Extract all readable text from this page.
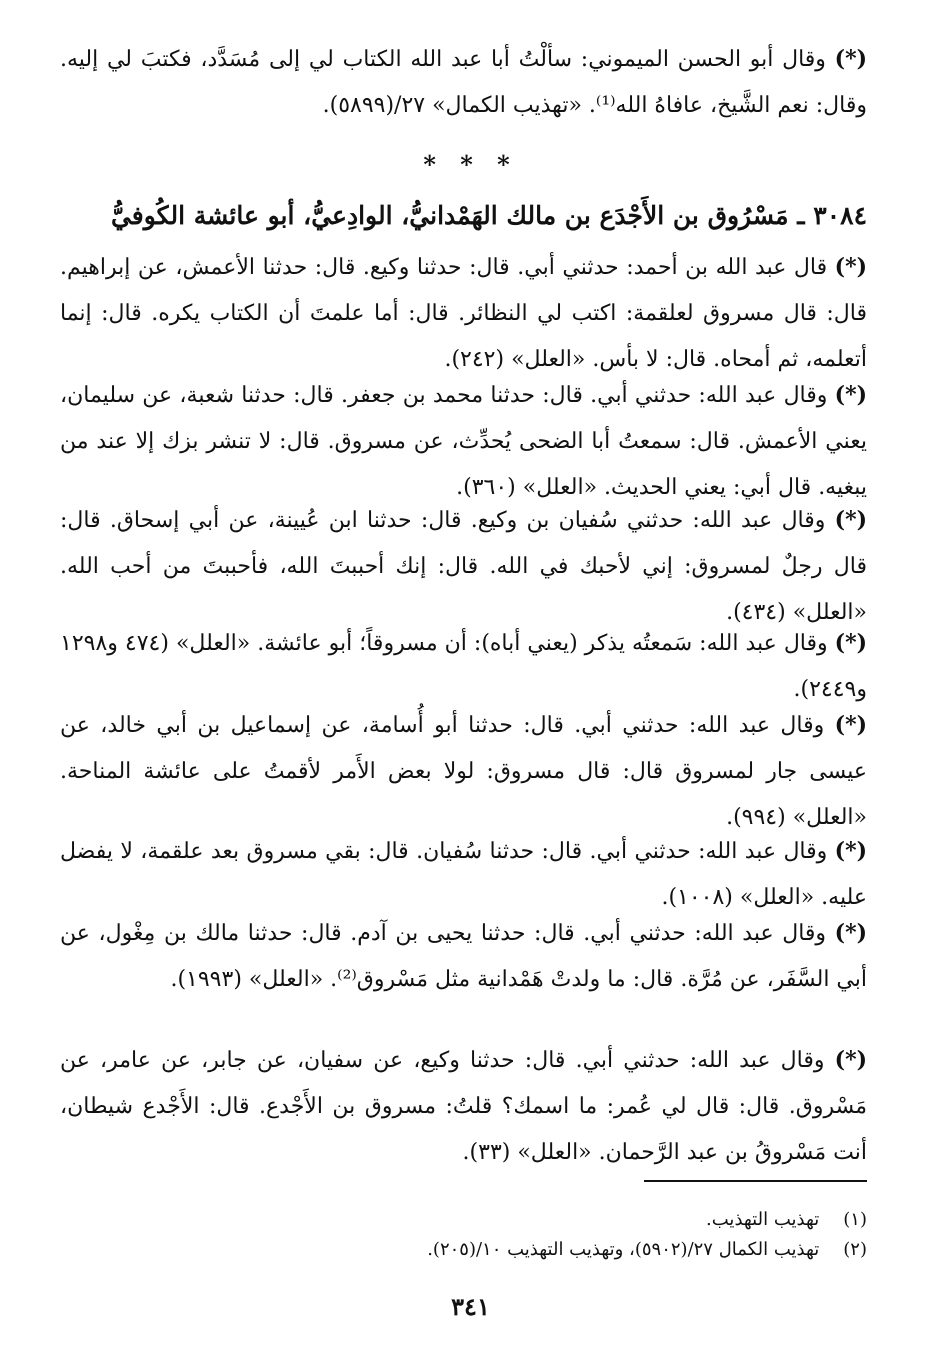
(*) وقال أبو الحسن الميموني: سألْتُ أبا عبد الله الكتاب لي إلى مُسَدَّد، فكتبَ لي إليه. وقال: نعم الشَّيخ، عافاهُ الله⁽¹⁾. «تهذيب الكمال» ٢٧/(٥٨٩٩).
* * *
٣٠٨٤ ـ مَسْرُوق بن الأَجْدَع بن مالك الهَمْدانيُّ، الوادِعيُّ، أبو عائشة الكُوفيُّ
(*) قال عبد الله بن أحمد: حدثني أبي. قال: حدثنا وكيع. قال: حدثنا الأعمش، عن إبراهيم. قال: قال مسروق لعلقمة: اكتب لي النظائر. قال: أما علمتَ أن الكتاب يكره. قال: إنما أتعلمه، ثم أمحاه. قال: لا بأس. «العلل» (٢٤٢).
(*) وقال عبد الله: حدثني أبي. قال: حدثنا محمد بن جعفر. قال: حدثنا شعبة، عن سليمان، يعني الأعمش. قال: سمعتُ أبا الضحى يُحدِّث، عن مسروق. قال: لا تنشر بزك إلا عند من يبغيه. قال أبي: يعني الحديث. «العلل» (٣٦٠).
(*) وقال عبد الله: حدثني سُفيان بن وكيع. قال: حدثنا ابن عُيينة، عن أبي إسحاق. قال: قال رجلٌ لمسروق: إني لأحبك في الله. قال: إنك أحببتَ الله، فأحببتَ من أحب الله. «العلل» (٤٣٤).
(*) وقال عبد الله: سَمعتُه يذكر (يعني أباه): أن مسروقاً؛ أبو عائشة. «العلل» (٤٧٤ و١٢٩٨ و٢٤٤٩).
(*) وقال عبد الله: حدثني أبي. قال: حدثنا أبو أُسامة، عن إسماعيل بن أبي خالد، عن عيسى جار لمسروق قال: قال مسروق: لولا بعض الأَمر لأقمتُ على عائشة المناحة. «العلل» (٩٩٤).
(*) وقال عبد الله: حدثني أبي. قال: حدثنا سُفيان. قال: بقي مسروق بعد علقمة، لا يفضل عليه. «العلل» (١٠٠٨).
(*) وقال عبد الله: حدثني أبي. قال: حدثنا يحيى بن آدم. قال: حدثنا مالك بن مِغْول، عن أبي السَّفَر، عن مُرَّة. قال: ما ولدتْ هَمْدانية مثل مَسْروق⁽²⁾. «العلل» (١٩٩٣).
(*) وقال عبد الله: حدثني أبي. قال: حدثنا وكيع، عن سفيان، عن جابر، عن عامر، عن مَسْروق. قال: قال لي عُمر: ما اسمك؟ قلتُ: مسروق بن الأَجْدع. قال: الأَجْدع شيطان، أنت مَسْروقُ بن عبد الرَّحمان. «العلل» (٣٣).
(١) تهذيب التهذيب.
(٢) تهذيب الكمال ٢٧/(٥٩٠٢)، وتهذيب التهذيب ١٠/(٢٠٥).
٣٤١
